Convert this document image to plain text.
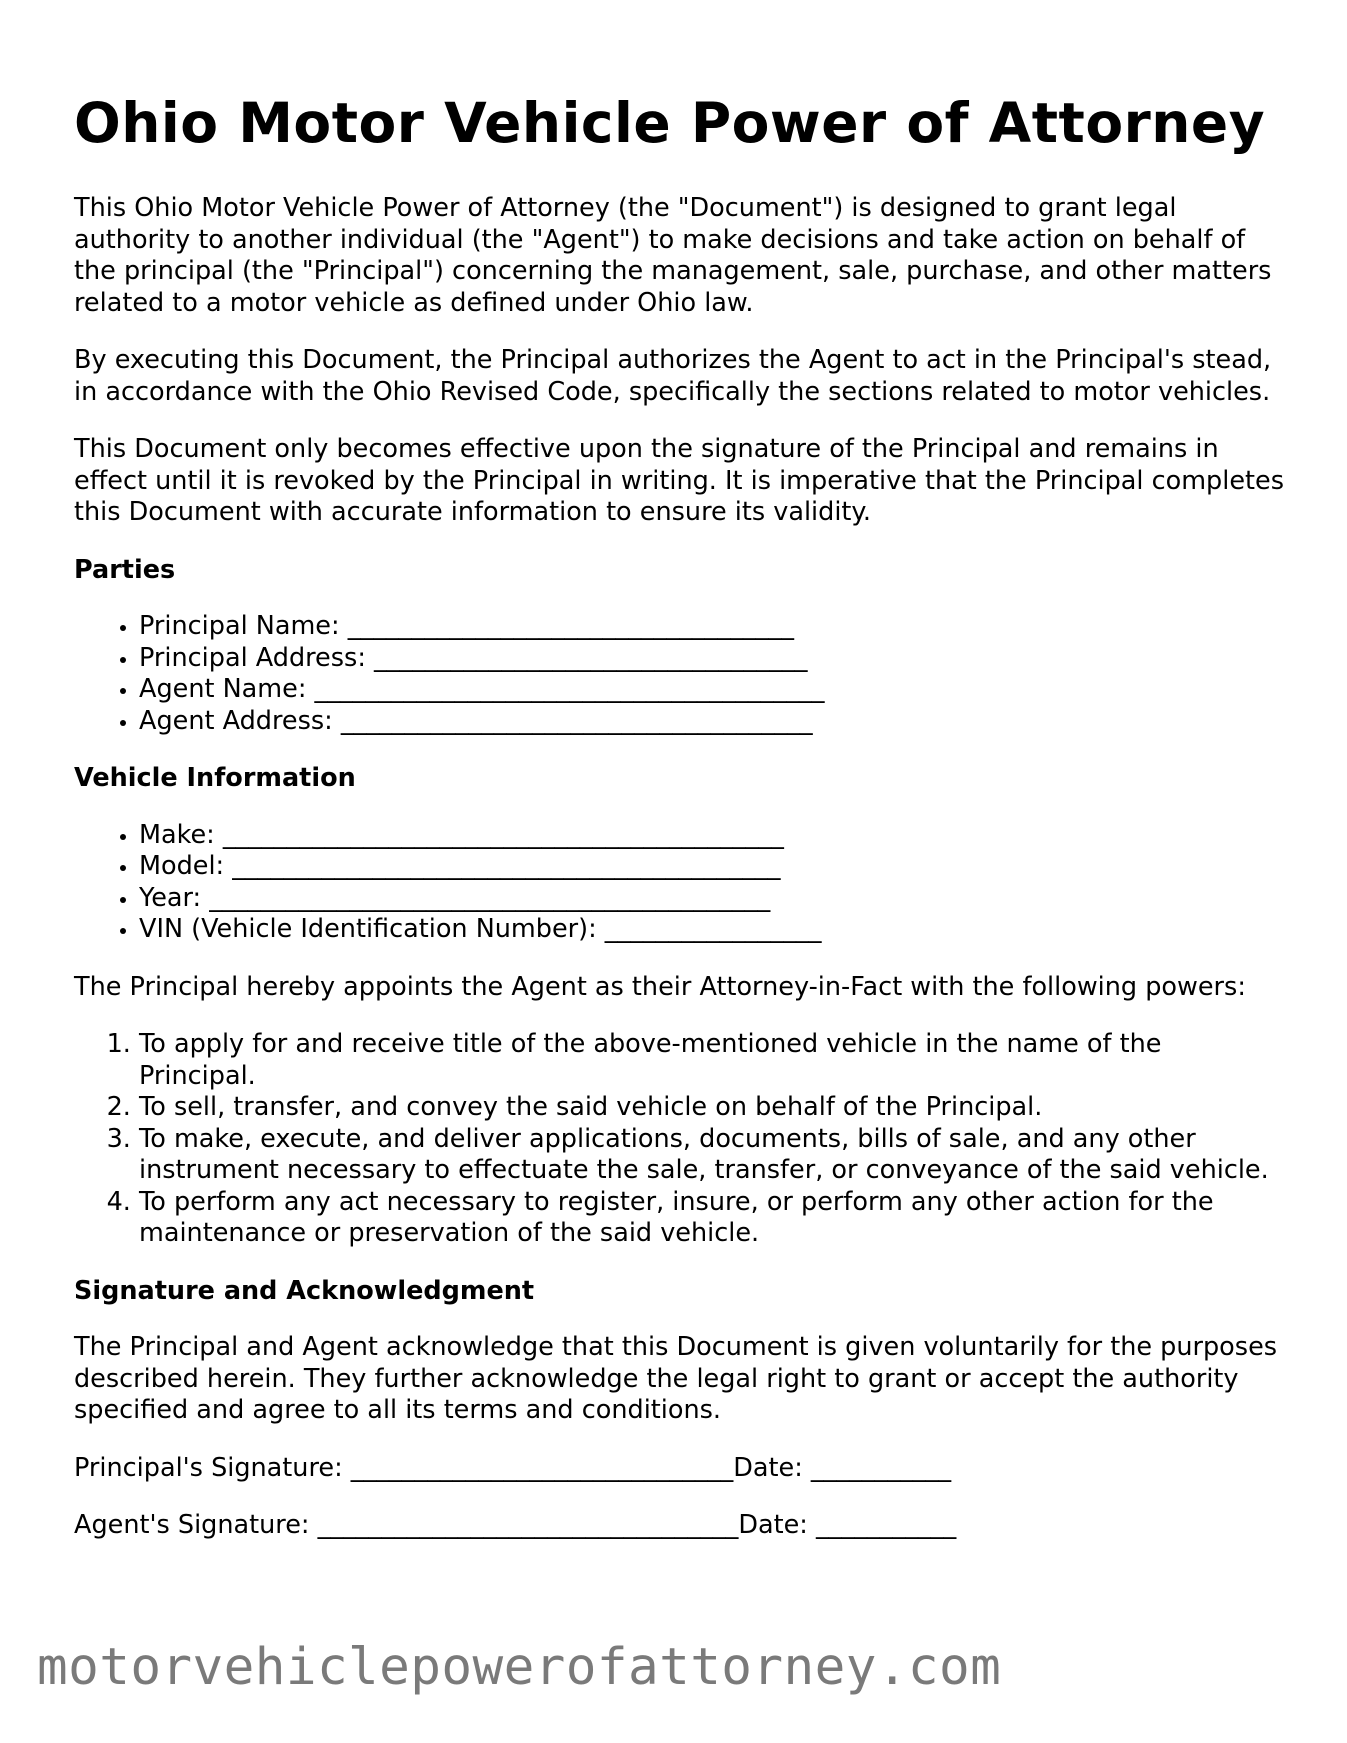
Ohio Motor Vehicle Power of Attorney

This Ohio Motor Vehicle Power of Attorney (the "Document") is designed to grant legal authority to another individual (the "Agent") to make decisions and take action on behalf of the principal (the "Principal") concerning the management, sale, purchase, and other matters related to a motor vehicle as defined under Ohio law.

By executing this Document, the Principal authorizes the Agent to act in the Principal's stead, in accordance with the Ohio Revised Code, specifically the sections related to motor vehicles.

This Document only becomes effective upon the signature of the Principal and remains in effect until it is revoked by the Principal in writing. It is imperative that the Principal completes this Document with accurate information to ensure its validity.

Parties
• Principal Name: ___________________________________
• Principal Address: __________________________________
• Agent Name: ________________________________________
• Agent Address: _____________________________________
Vehicle Information
• Make: ____________________________________________
• Model: ___________________________________________
• Year: ____________________________________________
• VIN (Vehicle Identification Number): _________________

The Principal hereby appoints the Agent as their Attorney-in-Fact with the following powers:

1. To apply for and receive title of the above-mentioned vehicle in the name of the Principal.
2. To sell, transfer, and convey the said vehicle on behalf of the Principal.
3. To make, execute, and deliver applications, documents, bills of sale, and any other instrument necessary to effectuate the sale, transfer, or conveyance of the said vehicle.
4. To perform any act necessary to register, insure, or perform any other action for the maintenance or preservation of the said vehicle.
Signature and Acknowledgment

The Principal and Agent acknowledge that this Document is given voluntarily for the purposes described herein. They further acknowledge the legal right to grant or accept the authority specified and agree to all its terms and conditions.

Principal's Signature: ______________________________Date: ___________

Agent's Signature: _________________________________Date: ___________

motorvehiclepowerofattorney.com
